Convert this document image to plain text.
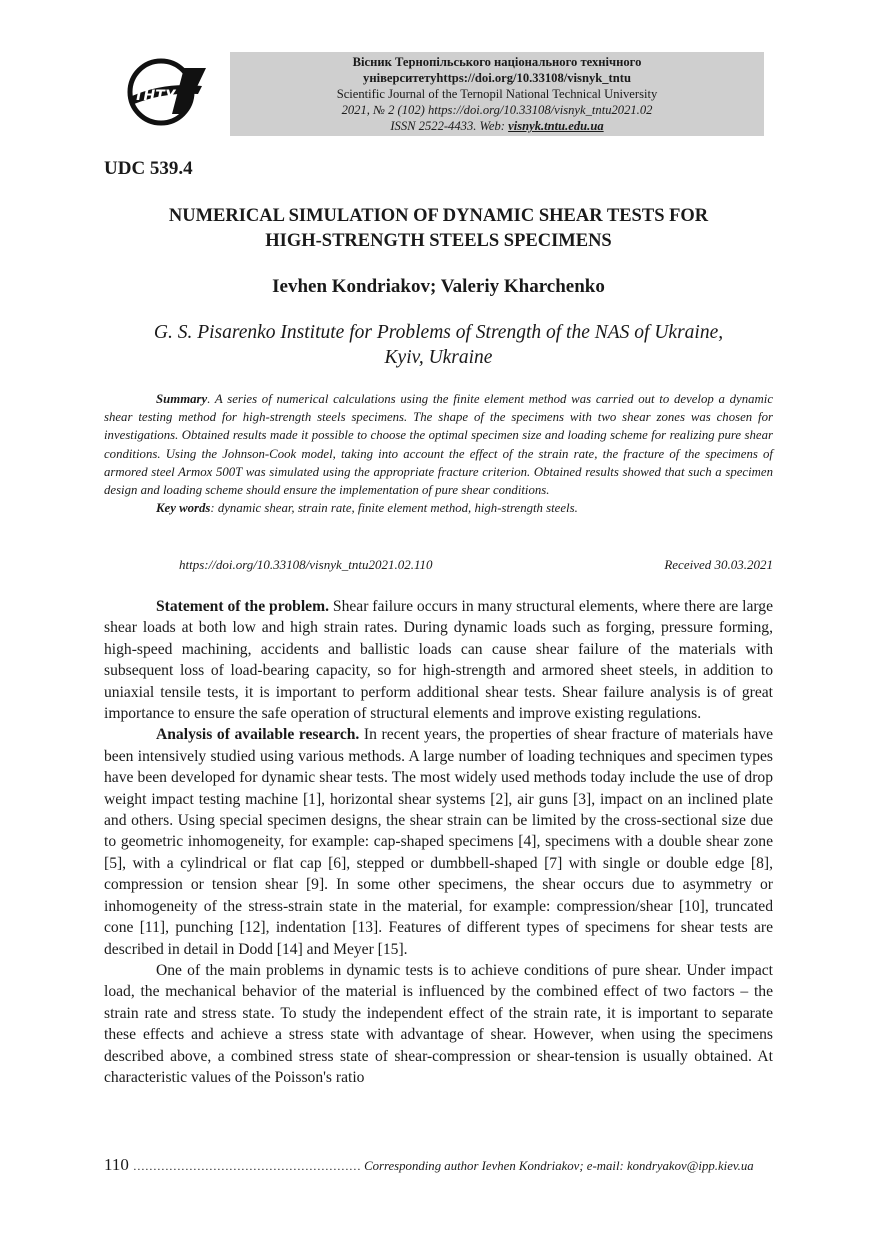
ТНТУ
Вісник Тернопільського національного технічного
університетуhttps://doi.org/10.33108/visnyk_tntu
Scientific Journal of the Ternopil National Technical University
2021, № 2 (102) https://doi.org/10.33108/visnyk_tntu2021.02
ISSN 2522-4433. Web: visnyk.tntu.edu.ua
UDC 539.4
NUMERICAL SIMULATION OF DYNAMIC SHEAR TESTS FOR
HIGH-STRENGTH STEELS SPECIMENS
Ievhen Kondriakov; Valeriy Kharchenko
G. S. Pisarenko Institute for Problems of Strength of the NAS of Ukraine,
Kyiv, Ukraine

Summary. A series of numerical calculations using the finite element method was carried out to develop a dynamic shear testing method for high-strength steels specimens. The shape of the specimens with two shear zones was chosen for investigations. Obtained results made it possible to choose the optimal specimen size and loading scheme for realizing pure shear conditions. Using the Johnson-Cook model, taking into account the effect of the strain rate, the fracture of the specimens of armored steel Armox 500T was simulated using the appropriate fracture criterion. Obtained results showed that such a specimen design and loading scheme should ensure the implementation of pure shear conditions.

Key words: dynamic shear, strain rate, finite element method, high-strength steels.

https://doi.org/10.33108/visnyk_tntu2021.02.110	Received 30.03.2021

Statement of the problem. Shear failure occurs in many structural elements, where there are large shear loads at both low and high strain rates. During dynamic loads such as forging, pressure forming, high-speed machining, accidents and ballistic loads can cause shear failure of the materials with subsequent loss of load-bearing capacity, so for high-strength and armored sheet steels, in addition to uniaxial tensile tests, it is important to perform additional shear tests. Shear failure analysis is of great importance to ensure the safe operation of structural elements and improve existing regulations.

Analysis of available research. In recent years, the properties of shear fracture of materials have been intensively studied using various methods. A large number of loading techniques and specimen types have been developed for dynamic shear tests. The most widely used methods today include the use of drop weight impact testing machine [1], horizontal shear systems [2], air guns [3], impact on an inclined plate and others. Using special specimen designs, the shear strain can be limited by the cross-sectional size due to geometric inhomogeneity, for example: cap-shaped specimens [4], specimens with a double shear zone [5], with a cylindrical or flat cap [6], stepped or dumbbell-shaped [7] with single or double edge [8], compression or tension shear [9]. In some other specimens, the shear occurs due to asymmetry or inhomogeneity of the stress-strain state in the material, for example: compression/shear [10], truncated cone [11], punching [12], indentation [13]. Features of different types of specimens for shear tests are described in detail in Dodd [14] and Meyer [15].

One of the main problems in dynamic tests is to achieve conditions of pure shear. Under impact load, the mechanical behavior of the material is influenced by the combined effect of two factors – the strain rate and stress state. To study the independent effect of the strain rate, it is important to separate these effects and achieve a stress state with advantage of shear. However, when using the specimens described above, a combined stress state of shear-compression or shear-tension is usually obtained. At characteristic values of the Poisson's ratio

110 ………………………………………………… Corresponding author Ievhen Kondriakov; e-mail: kondryakov@ipp.kiev.ua
